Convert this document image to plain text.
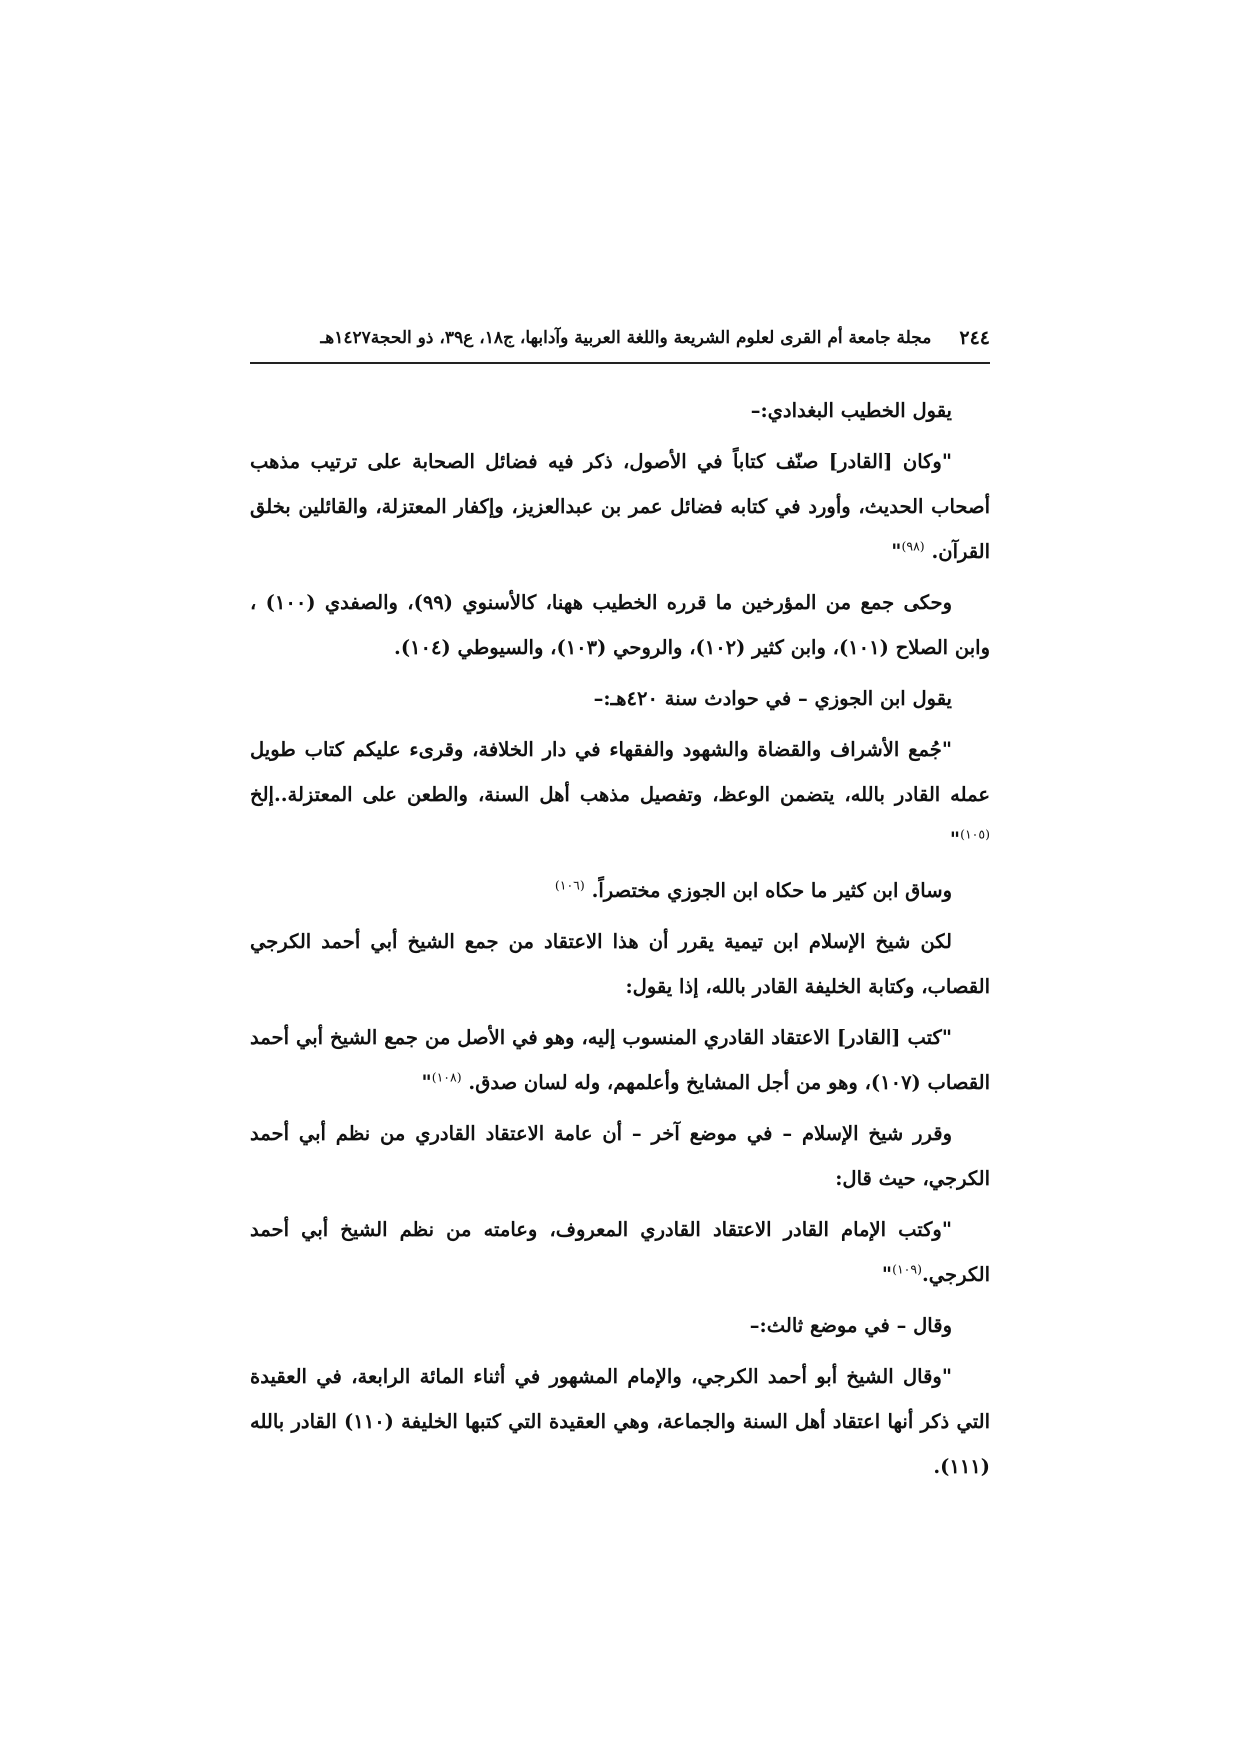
٢٤٤
مجلة جامعة أم القرى لعلوم الشريعة واللغة العربية وآدابها، ج١٨، ع٣٩، ذو الحجة١٤٢٧هـ

يقول الخطيب البغدادي:–

"وكان [القادر] صنّف كتاباً في الأصول، ذكر فيه فضائل الصحابة على ترتيب مذهب أصحاب الحديث، وأورد في كتابه فضائل عمر بن عبدالعزيز، وإكفار المعتزلة، والقائلين بخلق القرآن. $^{(٩٨)}$"

وحكى جمع من المؤرخين ما قرره الخطيب ههنا، كالأسنوي (٩٩)، والصفدي (١٠٠) ، وابن الصلاح (١٠١)، وابن كثير (١٠٢)، والروحي (١٠٣)، والسيوطي (١٠٤).

يقول ابن الجوزي – في حوادث سنة ٤٢٠هـ:–

"جُمع الأشراف والقضاة والشهود والفقهاء في دار الخلافة، وقرىء عليكم كتاب طويل عمله القادر بالله، يتضمن الوعظ، وتفصيل مذهب أهل السنة، والطعن على المعتزلة..إلخ $^{(١٠٥)}$"

وساق ابن كثير ما حكاه ابن الجوزي مختصراً. $^{(١٠٦)}$

لكن شيخ الإسلام ابن تيمية يقرر أن هذا الاعتقاد من جمع الشيخ أبي أحمد الكرجي القصاب، وكتابة الخليفة القادر بالله، إذا يقول:

"كتب [القادر] الاعتقاد القادري المنسوب إليه، وهو في الأصل من جمع الشيخ أبي أحمد القصاب (١٠٧)، وهو من أجل المشايخ وأعلمهم، وله لسان صدق. $^{(١٠٨)}$"

وقرر شيخ الإسلام – في موضع آخر – أن عامة الاعتقاد القادري من نظم أبي أحمد الكرجي، حيث قال:

"وكتب الإمام القادر الاعتقاد القادري المعروف، وعامته من نظم الشيخ أبي أحمد الكرجي.$^{(١٠٩)}$"

وقال – في موضع ثالث:–

"وقال الشيخ أبو أحمد الكرجي، والإمام المشهور في أثناء المائة الرابعة، في العقيدة التي ذكر أنها اعتقاد أهل السنة والجماعة، وهي العقيدة التي كتبها الخليفة (١١٠) القادر بالله (١١١).
